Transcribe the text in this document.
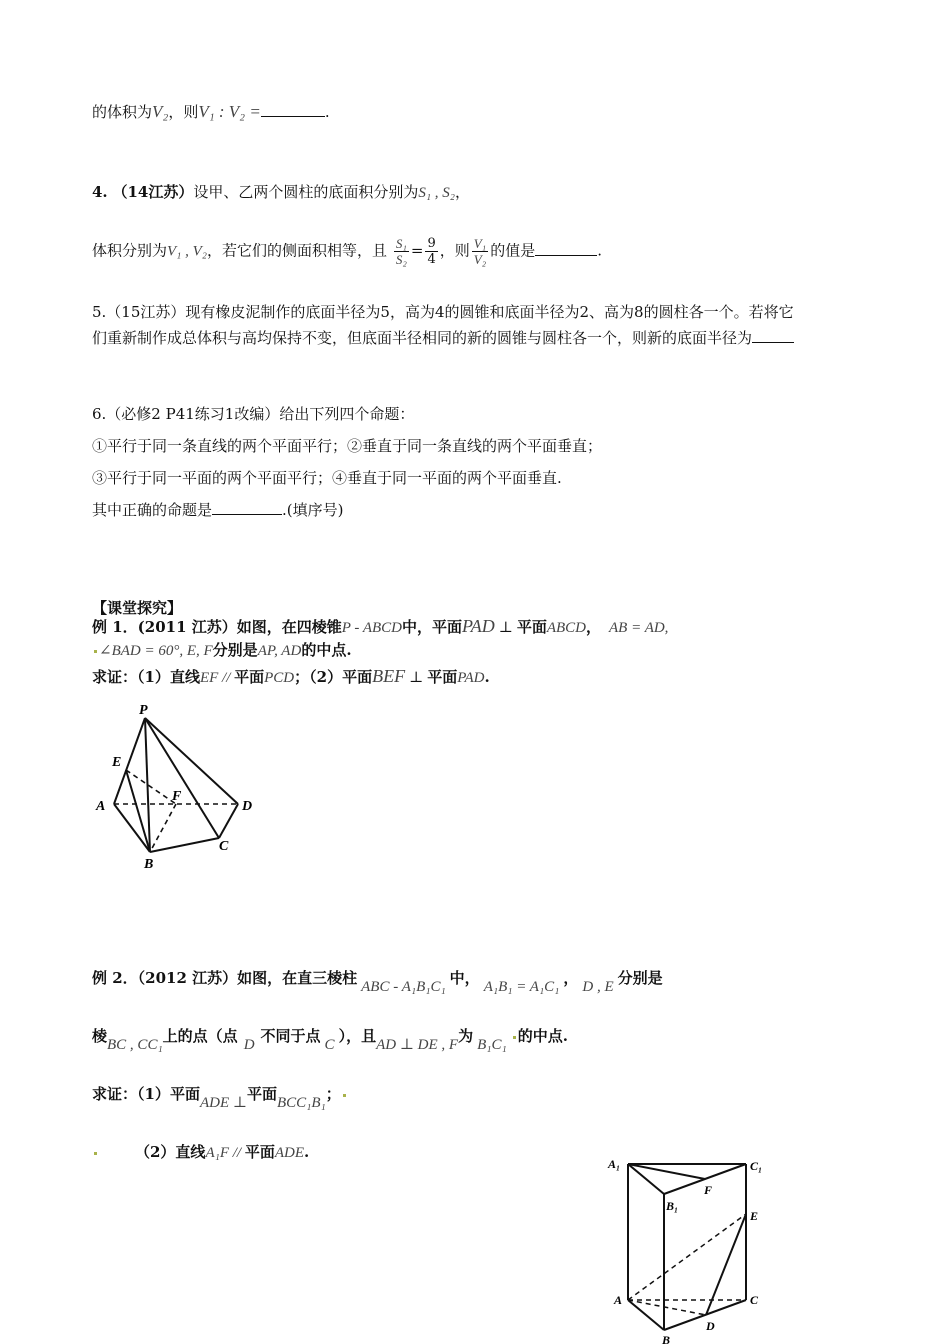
的体积为V₂，则V₁ : V₂ =	.
4. （14江苏）设甲、乙两个圆柱的底面积分别为S₁ , S₂，
体积分别为V₁ , V₂，若它们的侧面积相等，且 $\frac{\text{S₁}}{\text{S₂}} = \frac{9}{4}$ ，则 $\frac{\text{V₁}}{\text{V₂}}$ 的值是	.
5.（15江苏）现有橡皮泥制作的底面半径为5，高为4的圆锥和底面半径为2、高为8的圆柱各一个。若将它
们重新制作成总体积与高均保持不变，但底面半径相同的新的圆锥与圆柱各一个，则新的底面半径为
6.（必修2 P41练习1改编）给出下列四个命题：
①平行于同一条直线的两个平面平行；②垂直于同一条直线的两个平面垂直；
③平行于同一平面的两个平面平行；④垂直于同一平面的两个平面垂直.
其中正确的命题是	.(填序号)
【课堂探究】
例 1．(2011 江苏）如图，在四棱锥P - ABCD中，平面PAD ⊥ 平面ABCD， AB = AD,
∠BAD = 60°, E, F分别是AP, AD的中点.
求证：（1）直线EF // 平面PCD；（2）平面BEF ⊥ 平面PAD.
P
E
A
F
D
B
C
例 2．（2012 江苏）如图，在直三棱柱 ABC - A₁B₁C₁ 中， A₁B₁ = A₁C₁ ， D , E 分别是
棱BC , CC₁上的点（点 D 不同于点 C ），且AD ⊥ DE , F为 B₁C₁ 的中点.
求证：（1）平面ADE ⊥平面BCC₁B₁；
（2）直线A₁F // 平面ADE.
A₁	C₁
F
B₁
E
A	C
D
B
